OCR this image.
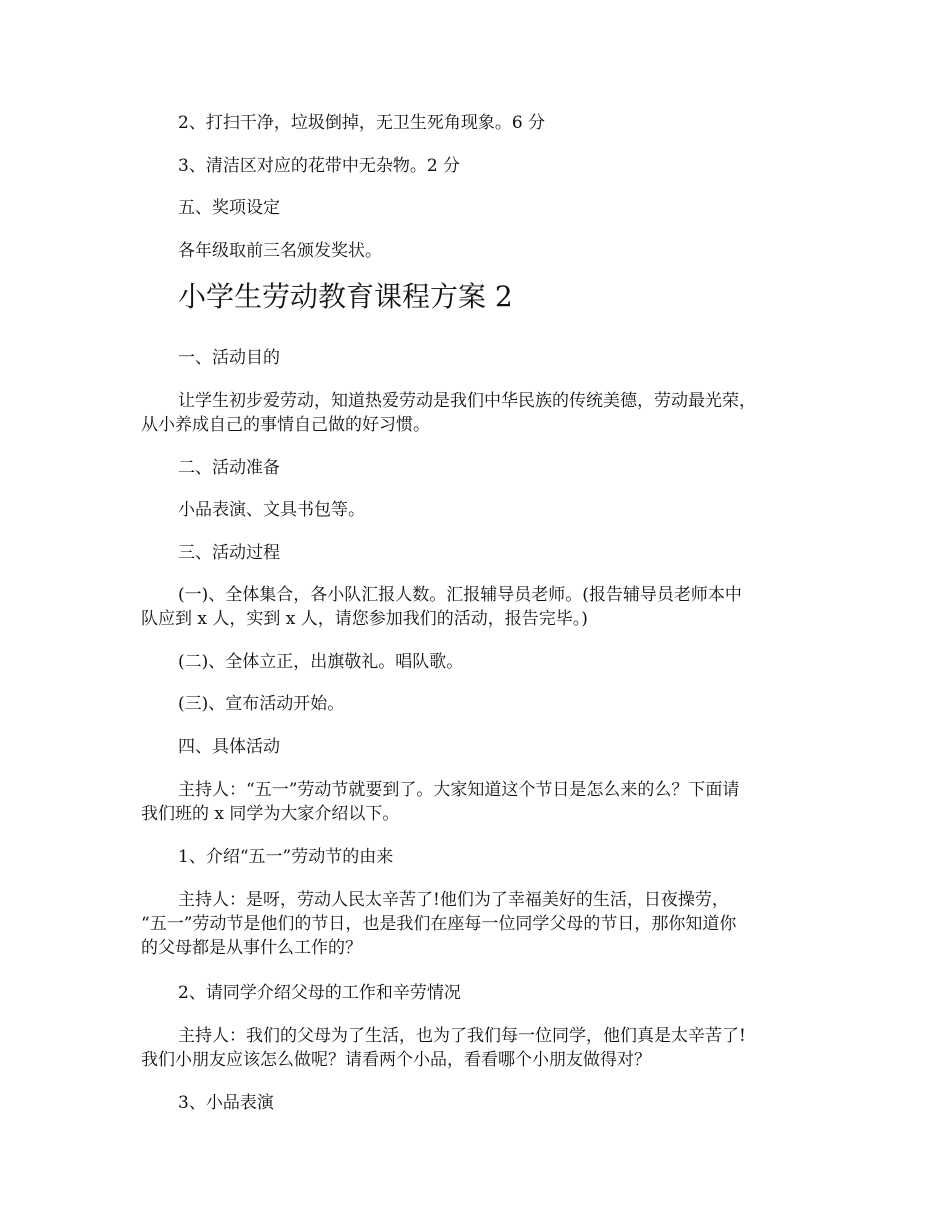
2、打扫干净，垃圾倒掉，无卫生死角现象。6 分
3、清洁区对应的花带中无杂物。2 分
五、奖项设定
各年级取前三名颁发奖状。
小学生劳动教育课程方案 2
一、活动目的
让学生初步爱劳动，知道热爱劳动是我们中华民族的传统美德，劳动最光荣，
从小养成自己的事情自己做的好习惯。
二、活动准备
小品表演、文具书包等。
三、活动过程
(一)、全体集合，各小队汇报人数。汇报辅导员老师。(报告辅导员老师本中
队应到 x 人，实到 x 人，请您参加我们的活动，报告完毕。)
(二)、全体立正，出旗敬礼。唱队歌。
(三)、宣布活动开始。
四、具体活动
主持人：“五一”劳动节就要到了。大家知道这个节日是怎么来的么？下面请
我们班的 x 同学为大家介绍以下。
1、介绍“五一”劳动节的由来
主持人：是呀，劳动人民太辛苦了!他们为了幸福美好的生活，日夜操劳，
“五一”劳动节是他们的节日，也是我们在座每一位同学父母的节日，那你知道你
的父母都是从事什么工作的？
2、请同学介绍父母的工作和辛劳情况
主持人：我们的父母为了生活，也为了我们每一位同学，他们真是太辛苦了!
我们小朋友应该怎么做呢？请看两个小品，看看哪个小朋友做得对？
3、小品表演
